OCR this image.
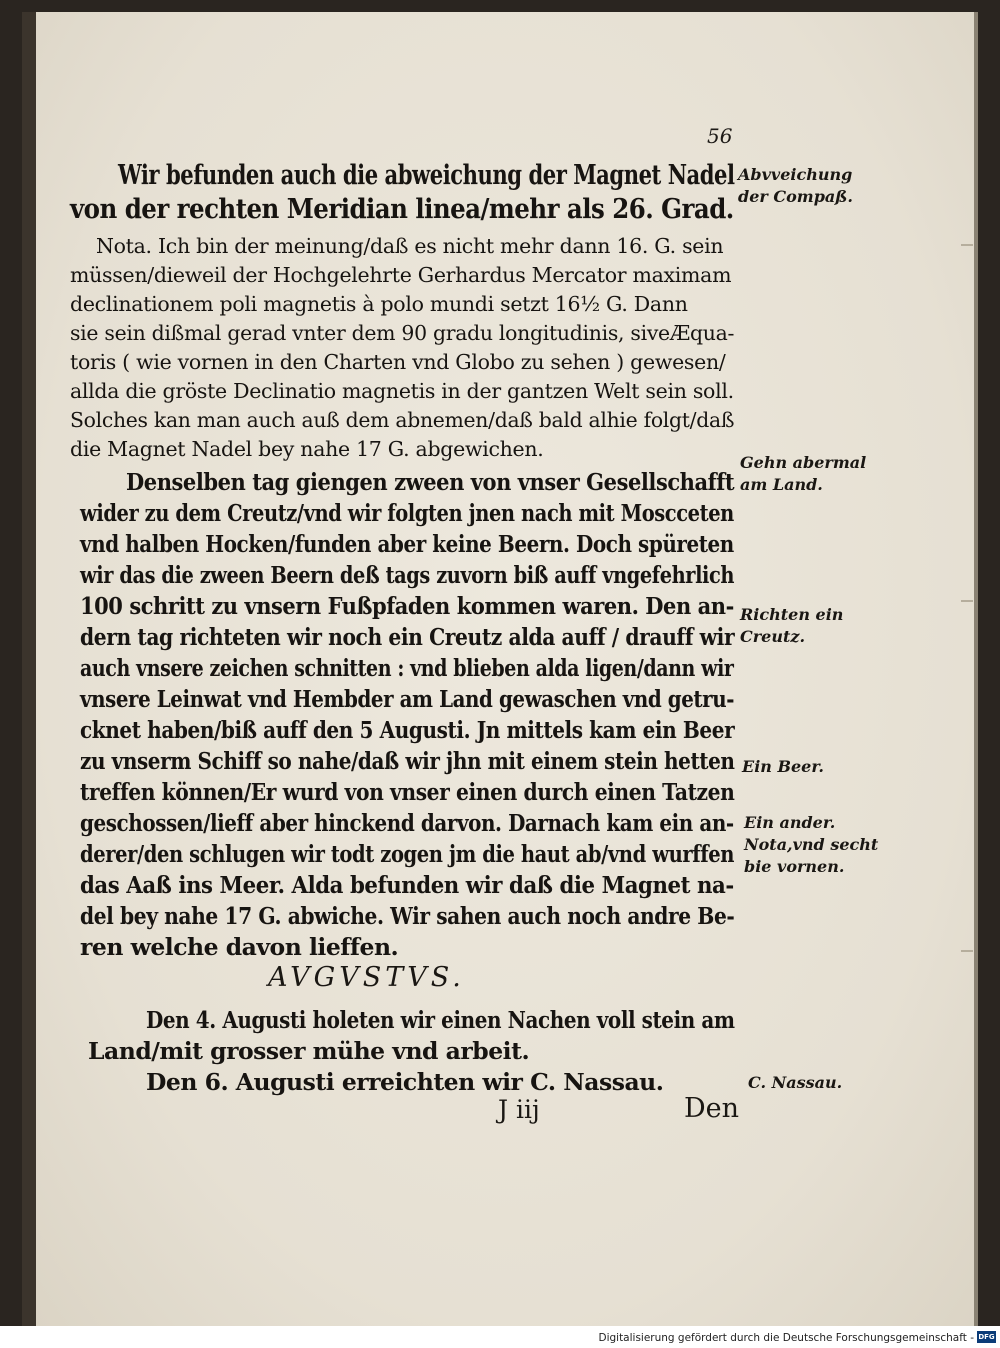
56
Wir befunden auch die abweichung der Magnet Nadel
von der rechten Meridian linea/mehr als 26. Grad.
Nota. Ich bin der meinung/daß es nicht mehr dann 16. G. sein
müssen/dieweil der Hochgelehrte Gerhardus Mercator maximam
declinationem poli magnetis à polo mundi setzt 16½ G. Dann
sie sein dißmal gerad vnter dem 90 gradu longitudinis, siveÆqua-
toris ( wie vornen in den Charten vnd Globo zu sehen ) gewesen/
allda die gröste Declinatio magnetis in der gantzen Welt sein soll.
Solches kan man auch auß dem abnemen/daß bald alhie folgt/daß
die Magnet Nadel bey nahe 17 G. abgewichen.
Denselben tag giengen zween von vnser Gesellschafft
wider zu dem Creutz/vnd wir folgten jnen nach mit Moscceten
vnd halben Hocken/funden aber keine Beern. Doch spüreten
wir das die zween Beern deß tags zuvorn biß auff vngefehrlich
100 schritt zu vnsern Fußpfaden kommen waren. Den an-
dern tag richteten wir noch ein Creutz alda auff / drauff wir
auch vnsere zeichen schnitten : vnd blieben alda ligen/dann wir
vnsere Leinwat vnd Hembder am Land gewaschen vnd getru-
cknet haben/biß auff den 5 Augusti. Jn mittels kam ein Beer
zu vnserm Schiff so nahe/daß wir jhn mit einem stein hetten
treffen können/Er wurd von vnser einen durch einen Tatzen
geschossen/lieff aber hinckend darvon. Darnach kam ein an-
derer/den schlugen wir todt zogen jm die haut ab/vnd wurffen
das Aaß ins Meer. Alda befunden wir daß die Magnet na-
del bey nahe 17 G. abwiche. Wir sahen auch noch andre Be-
ren welche davon lieffen.
AVGVSTVS.
Den 4. Augusti holeten wir einen Nachen voll stein am
Land/mit grosser mühe vnd arbeit.
Den 6. Augusti erreichten wir C. Nassau.
J iij	Den
Abvveichung
der Compaß.
Gehn abermal
am Land.
Richten ein
Creutz.
Ein Beer.
Ein ander.
Nota,vnd secht
bie vornen.
C. Nassau.
Digitalisierung gefördert durch die Deutsche Forschungsgemeinschaft - DFG
